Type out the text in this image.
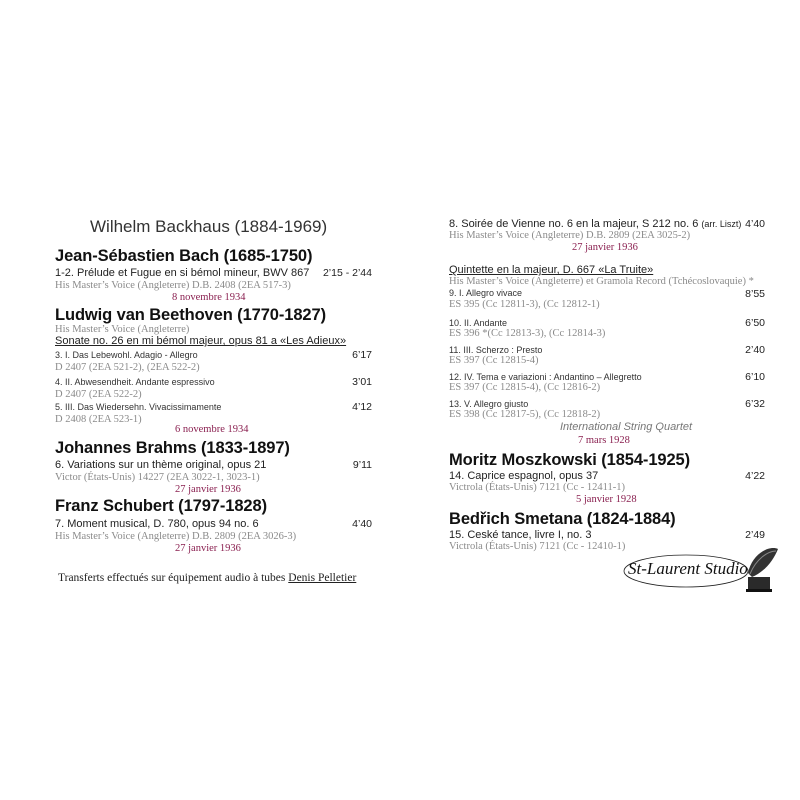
Wilhelm Backhaus (1884-1969)
Jean-Sébastien Bach (1685-1750)
1-2. Prélude et Fugue en si bémol mineur, BWV 867	2’15 - 2’44
His Master’s Voice (Angleterre) D.B. 2408 (2EA 517-3)
8 novembre 1934
Ludwig van Beethoven (1770-1827)
His Master’s Voice (Angleterre)
Sonate no. 26 en mi bémol majeur, opus 81 a «Les Adieux»
3. I. Das Lebewohl. Adagio - Allegro	6’17
D 2407 (2EA 521-2), (2EA 522-2)
4. II. Abwesendheit. Andante espressivo	3’01
D 2407 (2EA 522-2)
5. III. Das Wiedersehn. Vivacissimamente	4’12
D 2408 (2EA 523-1)
6 novembre 1934
Johannes Brahms (1833-1897)
6. Variations sur un thème original, opus 21	9’11
Victor (États-Unis) 14227 (2EA 3022-1, 3023-1)
27 janvier 1936
Franz Schubert (1797-1828)
7. Moment musical, D. 780, opus 94 no. 6	4’40
His Master’s Voice (Angleterre) D.B. 2809 (2EA 3026-3)
27 janvier 1936
Transferts effectués sur équipement audio à tubes Denis Pelletier
8. Soirée de Vienne no. 6 en la majeur, S 212 no. 6 (arr. Liszt) 4’40
His Master’s Voice (Angleterre) D.B. 2809 (2EA 3025-2)
27 janvier 1936
Quintette en la majeur, D. 667 «La Truite»
His Master’s Voice (Angleterre) et Gramola Record (Tchécoslovaquie) *
9. I. Allegro vivace	8’55
ES 395 (Cc 12811-3), (Cc 12812-1)
10. II. Andante	6’50
ES 396 *(Cc 12813-3), (Cc 12814-3)
11. III. Scherzo : Presto	2’40
ES 397 (Cc 12815-4)
12. IV. Tema e variazioni : Andantino – Allegretto	6’10
ES 397 (Cc 12815-4), (Cc 12816-2)
13. V. Allegro giusto	6’32
ES 398 (Cc 12817-5), (Cc 12818-2)
International String Quartet
7 mars 1928
Moritz Moszkowski (1854-1925)
14. Caprice espagnol, opus 37	4’22
Victrola (États-Unis) 7121 (Cc - 12411-1)
5 janvier 1928
Bedřich Smetana (1824-1884)
15. Ceské tance, livre I, no. 3	2’49
Victrola (États-Unis) 7121 (Cc - 12410-1)
St-Laurent Studio
